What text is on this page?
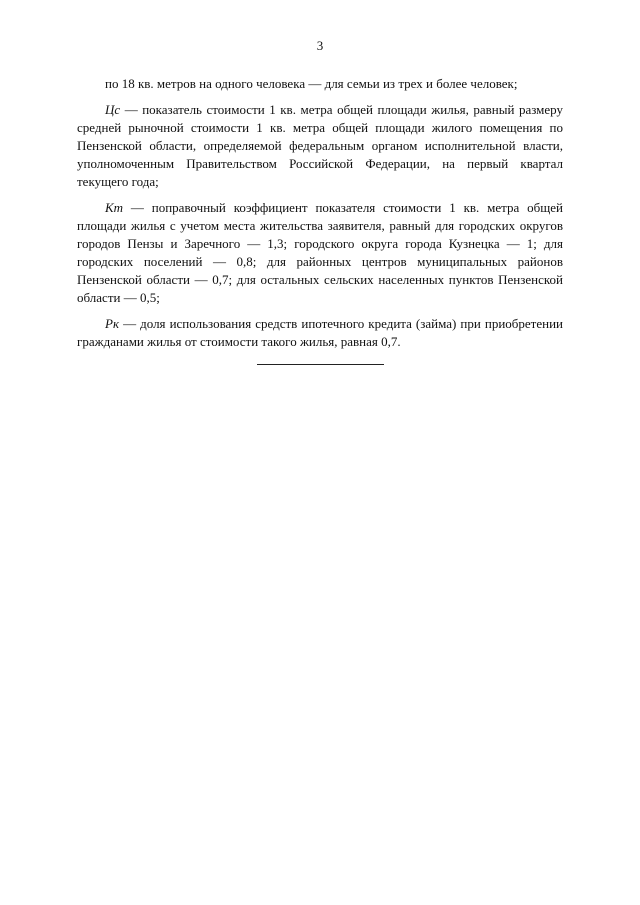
3

по 18 кв. метров на одного человека — для семьи из трех и более человек;

Цс — показатель стоимости 1 кв. метра общей площади жилья, равный размеру средней рыночной стоимости 1 кв. метра общей площади жилого помещения по Пензенской области, определяемой федеральным органом исполнительной власти, уполномоченным Правительством Российской Федерации, на первый квартал текущего года;

Кт — поправочный коэффициент показателя стоимости 1 кв. метра общей площади жилья с учетом места жительства заявителя, равный для городских округов городов Пензы и Заречного — 1,3; городского округа города Кузнецка — 1; для городских поселений — 0,8; для районных центров муниципальных районов Пензенской области — 0,7; для остальных сельских населенных пунктов Пензенской области — 0,5;

Рк — доля использования средств ипотечного кредита (займа) при приобретении гражданами жилья от стоимости такого жилья, равная 0,7.
